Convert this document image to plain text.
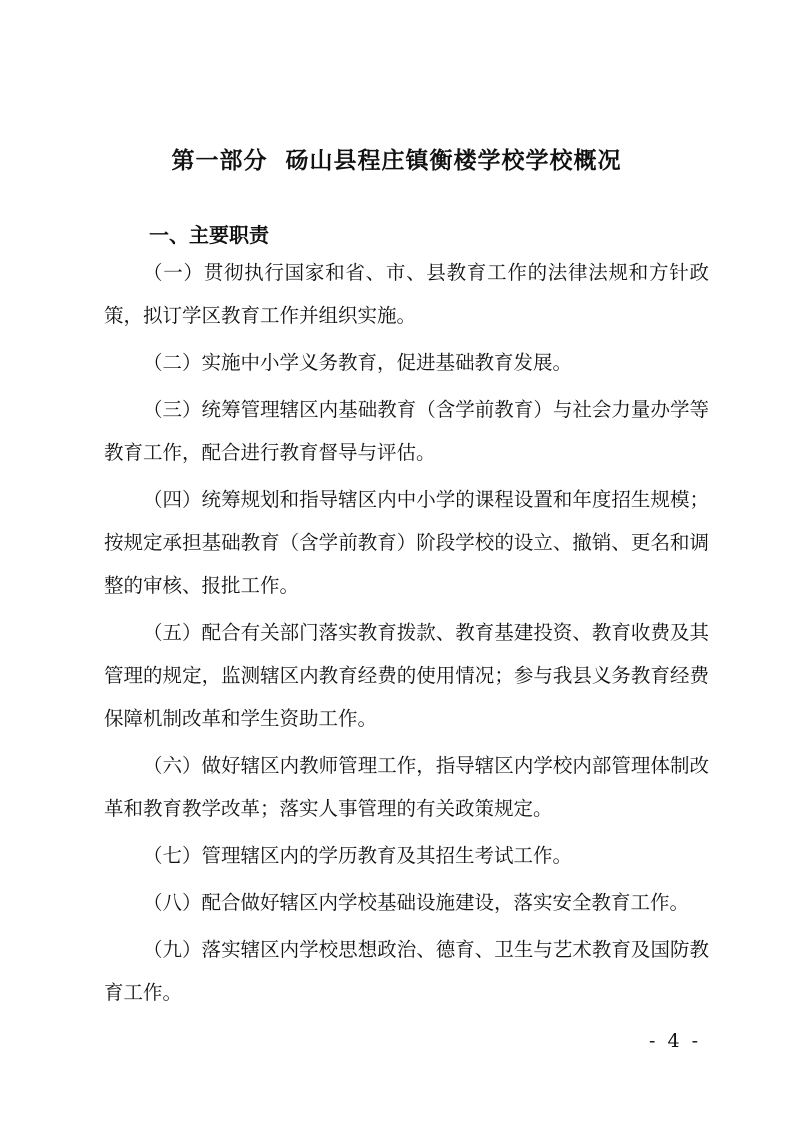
第一部分  砀山县程庄镇衡楼学校学校概况
一、主要职责

（一）贯彻执行国家和省、市、县教育工作的法律法规和方针政策，拟订学区教育工作并组织实施。

（二）实施中小学义务教育，促进基础教育发展。

（三）统筹管理辖区内基础教育（含学前教育）与社会力量办学等教育工作，配合进行教育督导与评估。

（四）统筹规划和指导辖区内中小学的课程设置和年度招生规模；按规定承担基础教育（含学前教育）阶段学校的设立、撤销、更名和调整的审核、报批工作。

（五）配合有关部门落实教育拨款、教育基建投资、教育收费及其管理的规定，监测辖区内教育经费的使用情况；参与我县义务教育经费保障机制改革和学生资助工作。

（六）做好辖区内教师管理工作，指导辖区内学校内部管理体制改革和教育教学改革；落实人事管理的有关政策规定。

（七）管理辖区内的学历教育及其招生考试工作。

（八）配合做好辖区内学校基础设施建设，落实安全教育工作。

（九）落实辖区内学校思想政治、德育、卫生与艺术教育及国防教育工作。

- 4 -
